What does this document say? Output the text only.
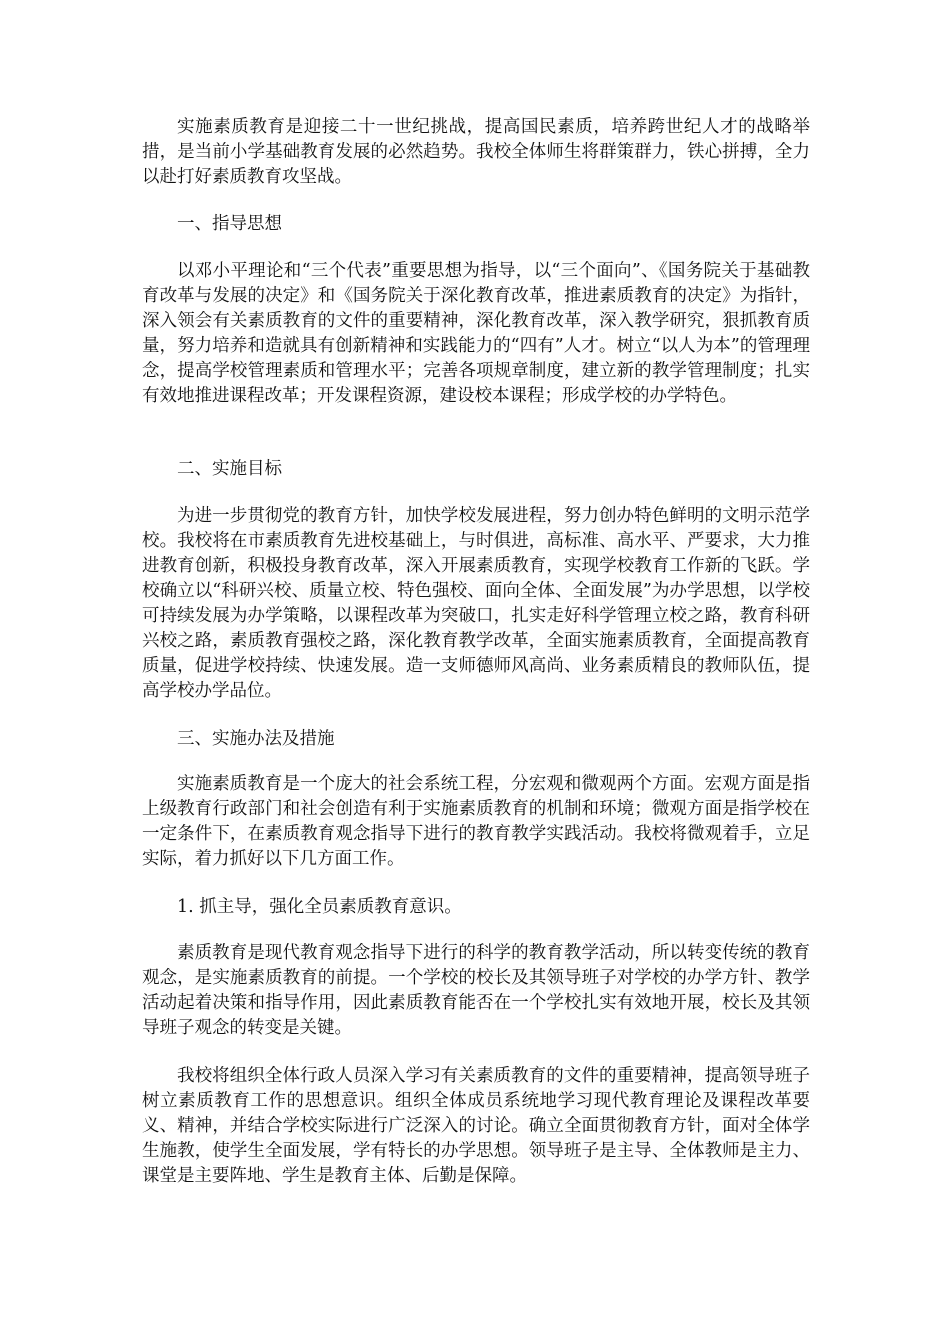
实施素质教育是迎接二十一世纪挑战，提高国民素质，培养跨世纪人才的战略举措，是当前小学基础教育发展的必然趋势。我校全体师生将群策群力，铁心拼搏，全力以赴打好素质教育攻坚战。

一、指导思想

以邓小平理论和“三个代表”重要思想为指导，以“三个面向”、《国务院关于基础教育改革与发展的决定》和《国务院关于深化教育改革，推进素质教育的决定》为指针，深入领会有关素质教育的文件的重要精神，深化教育改革，深入教学研究，狠抓教育质量，努力培养和造就具有创新精神和实践能力的“四有”人才。树立“以人为本”的管理理念，提高学校管理素质和管理水平；完善各项规章制度，建立新的教学管理制度；扎实有效地推进课程改革；开发课程资源，建设校本课程；形成学校的办学特色。

二、实施目标

为进一步贯彻党的教育方针，加快学校发展进程，努力创办特色鲜明的文明示范学校。我校将在市素质教育先进校基础上，与时俱进，高标准、高水平、严要求，大力推进教育创新，积极投身教育改革，深入开展素质教育，实现学校教育工作新的飞跃。学校确立以“科研兴校、质量立校、特色强校、面向全体、全面发展”为办学思想，以学校可持续发展为办学策略，以课程改革为突破口，扎实走好科学管理立校之路，教育科研兴校之路，素质教育强校之路，深化教育教学改革，全面实施素质教育，全面提高教育质量，促进学校持续、快速发展。造一支师德师风高尚、业务素质精良的教师队伍，提高学校办学品位。

三、实施办法及措施

实施素质教育是一个庞大的社会系统工程，分宏观和微观两个方面。宏观方面是指上级教育行政部门和社会创造有利于实施素质教育的机制和环境；微观方面是指学校在一定条件下，在素质教育观念指导下进行的教育教学实践活动。我校将微观着手，立足实际，着力抓好以下几方面工作。

1. 抓主导，强化全员素质教育意识。

素质教育是现代教育观念指导下进行的科学的教育教学活动，所以转变传统的教育观念，是实施素质教育的前提。一个学校的校长及其领导班子对学校的办学方针、教学活动起着决策和指导作用，因此素质教育能否在一个学校扎实有效地开展，校长及其领导班子观念的转变是关键。

我校将组织全体行政人员深入学习有关素质教育的文件的重要精神，提高领导班子树立素质教育工作的思想意识。组织全体成员系统地学习现代教育理论及课程改革要义、精神，并结合学校实际进行广泛深入的讨论。确立全面贯彻教育方针，面对全体学生施教，使学生全面发展，学有特长的办学思想。领导班子是主导、全体教师是主力、课堂是主要阵地、学生是教育主体、后勤是保障。
